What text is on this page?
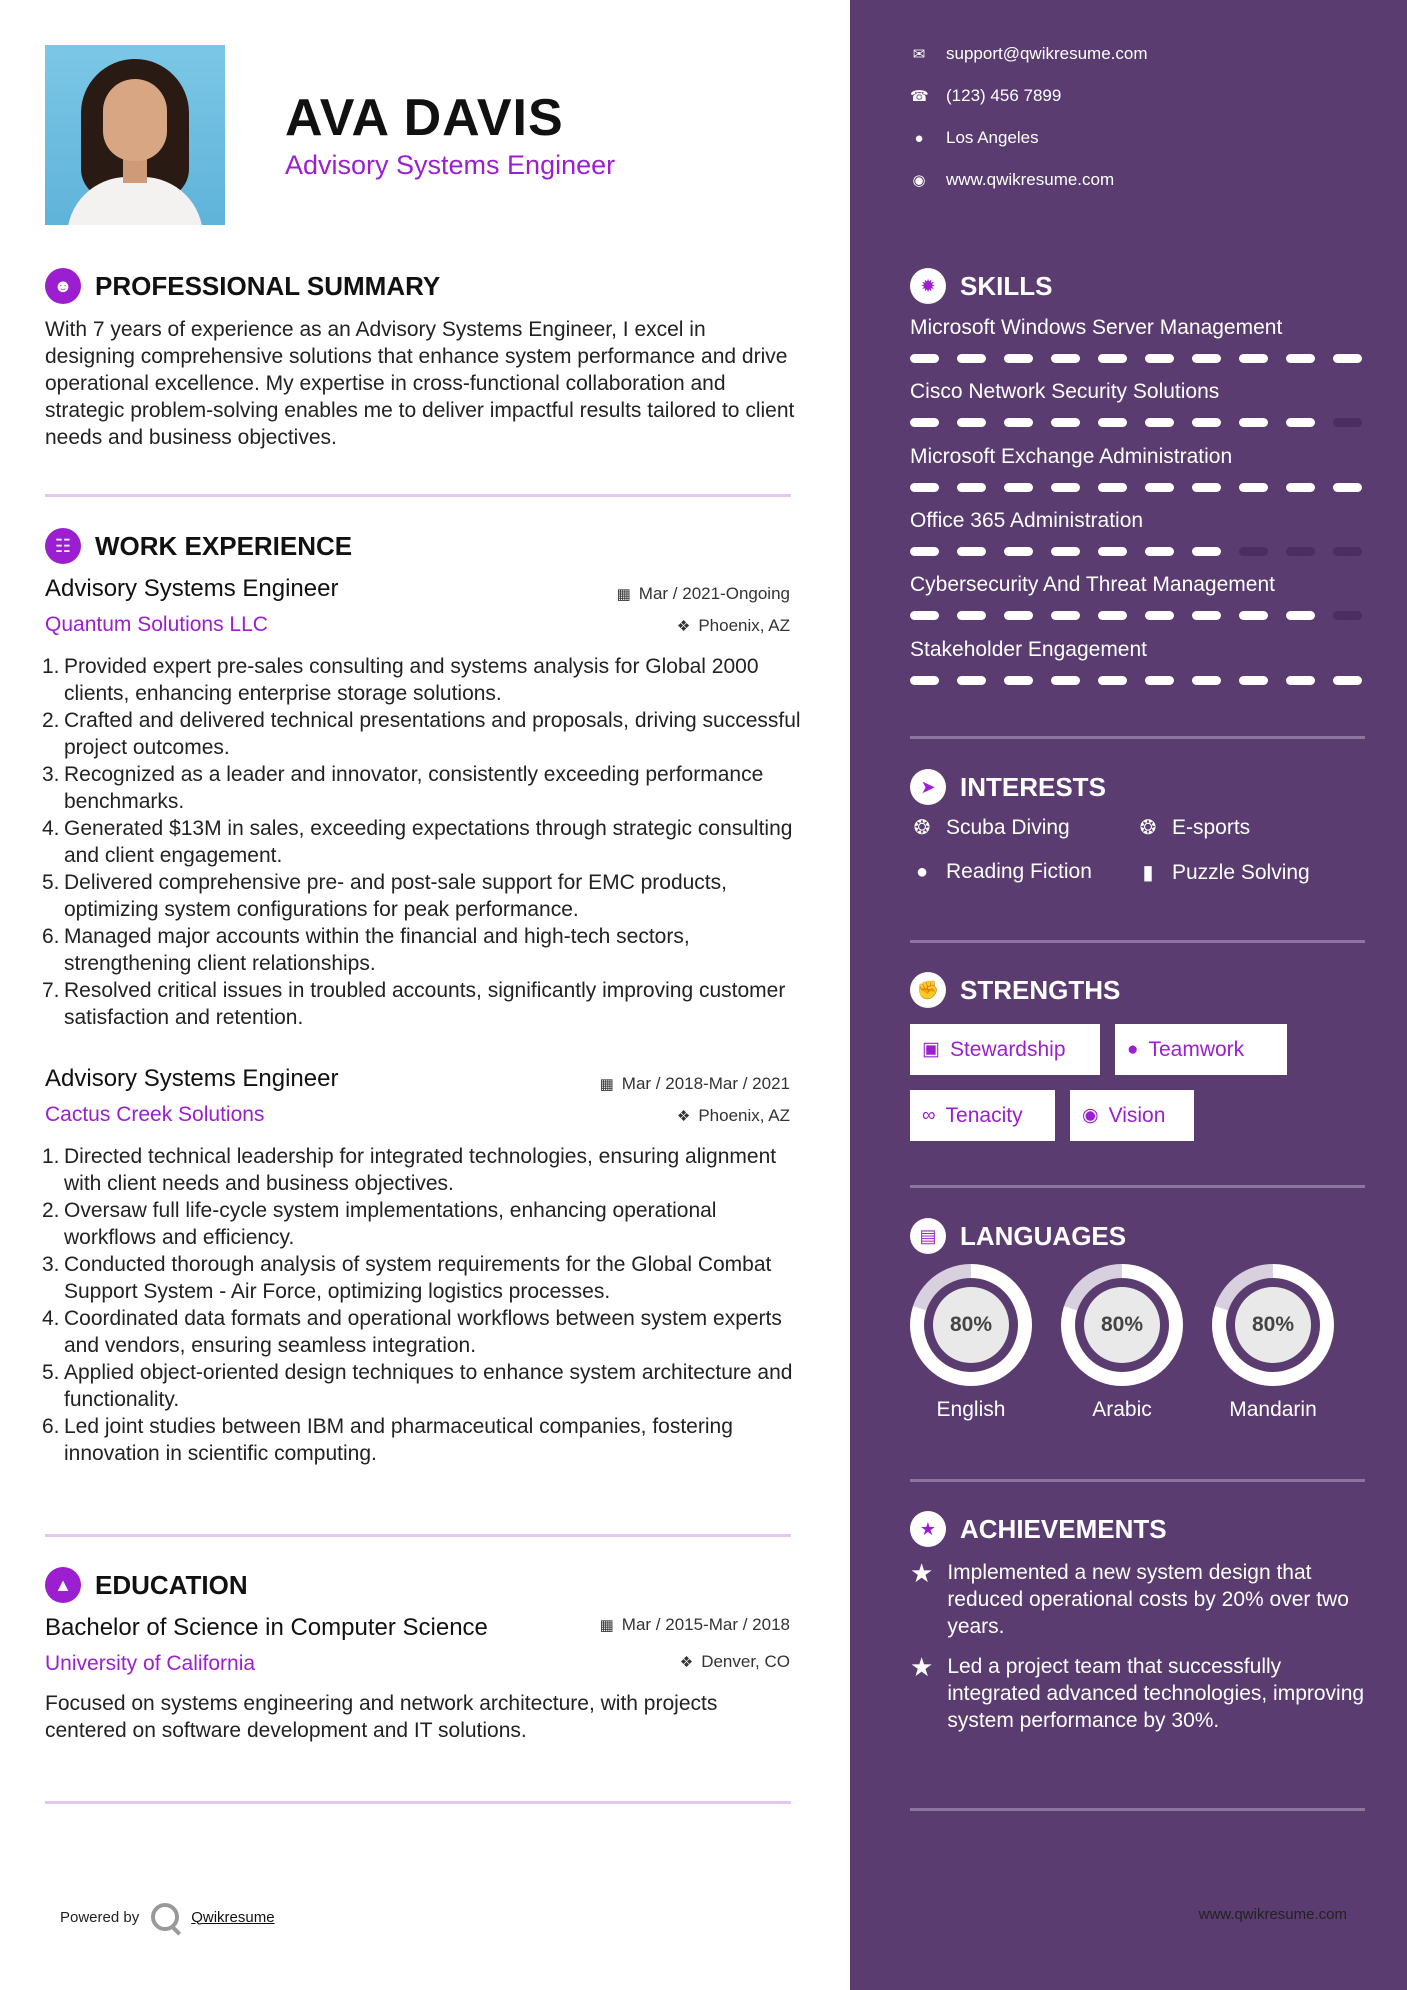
AVA DAVIS
Advisory Systems Engineer
☻ PROFESSIONAL SUMMARY
With 7 years of experience as an Advisory Systems Engineer, I excel in designing comprehensive solutions that enhance system performance and drive operational excellence. My expertise in cross-functional collaboration and strategic problem-solving enables me to deliver impactful results tailored to client needs and business objectives.
☷ WORK EXPERIENCE
Advisory Systems Engineer	▦ Mar / 2021-Ongoing
Quantum Solutions LLC	❖ Phoenix, AZ
1. Provided expert pre-sales consulting and systems analysis for Global 2000 clients, enhancing enterprise storage solutions.
2. Crafted and delivered technical presentations and proposals, driving successful project outcomes.
3. Recognized as a leader and innovator, consistently exceeding performance benchmarks.
4. Generated $13M in sales, exceeding expectations through strategic consulting and client engagement.
5. Delivered comprehensive pre- and post-sale support for EMC products, optimizing system configurations for peak performance.
6. Managed major accounts within the financial and high-tech sectors, strengthening client relationships.
7. Resolved critical issues in troubled accounts, significantly improving customer satisfaction and retention.
Advisory Systems Engineer	▦ Mar / 2018-Mar / 2021
Cactus Creek Solutions	❖ Phoenix, AZ
1. Directed technical leadership for integrated technologies, ensuring alignment with client needs and business objectives.
2. Oversaw full life-cycle system implementations, enhancing operational workflows and efficiency.
3. Conducted thorough analysis of system requirements for the Global Combat Support System - Air Force, optimizing logistics processes.
4. Coordinated data formats and operational workflows between system experts and vendors, ensuring seamless integration.
5. Applied object-oriented design techniques to enhance system architecture and functionality.
6. Led joint studies between IBM and pharmaceutical companies, fostering innovation in scientific computing.
▲ EDUCATION
Bachelor of Science in Computer Science	▦ Mar / 2015-Mar / 2018
University of California	❖ Denver, CO
Focused on systems engineering and network architecture, with projects centered on software development and IT solutions.
Powered by	Qwikresume
✉ support@qwikresume.com
☎ (123) 456 7899
● Los Angeles
◉ www.qwikresume.com
✹ SKILLS
Microsoft Windows Server Management
Cisco Network Security Solutions
Microsoft Exchange Administration
Office 365 Administration
Cybersecurity And Threat Management
Stakeholder Engagement
➤ INTERESTS
❂ Scuba Diving	❂ E-sports
● Reading Fiction	▮ Puzzle Solving
✊ STRENGTHS
▣ Stewardship	● Teamwork
∞ Tenacity	◉ Vision
▤ LANGUAGES
80%
English
80%
Arabic
80%
Mandarin
★ ACHIEVEMENTS
★ Implemented a new system design that reduced operational costs by 20% over two years.
★ Led a project team that successfully integrated advanced technologies, improving system performance by 30%.
www.qwikresume.com
